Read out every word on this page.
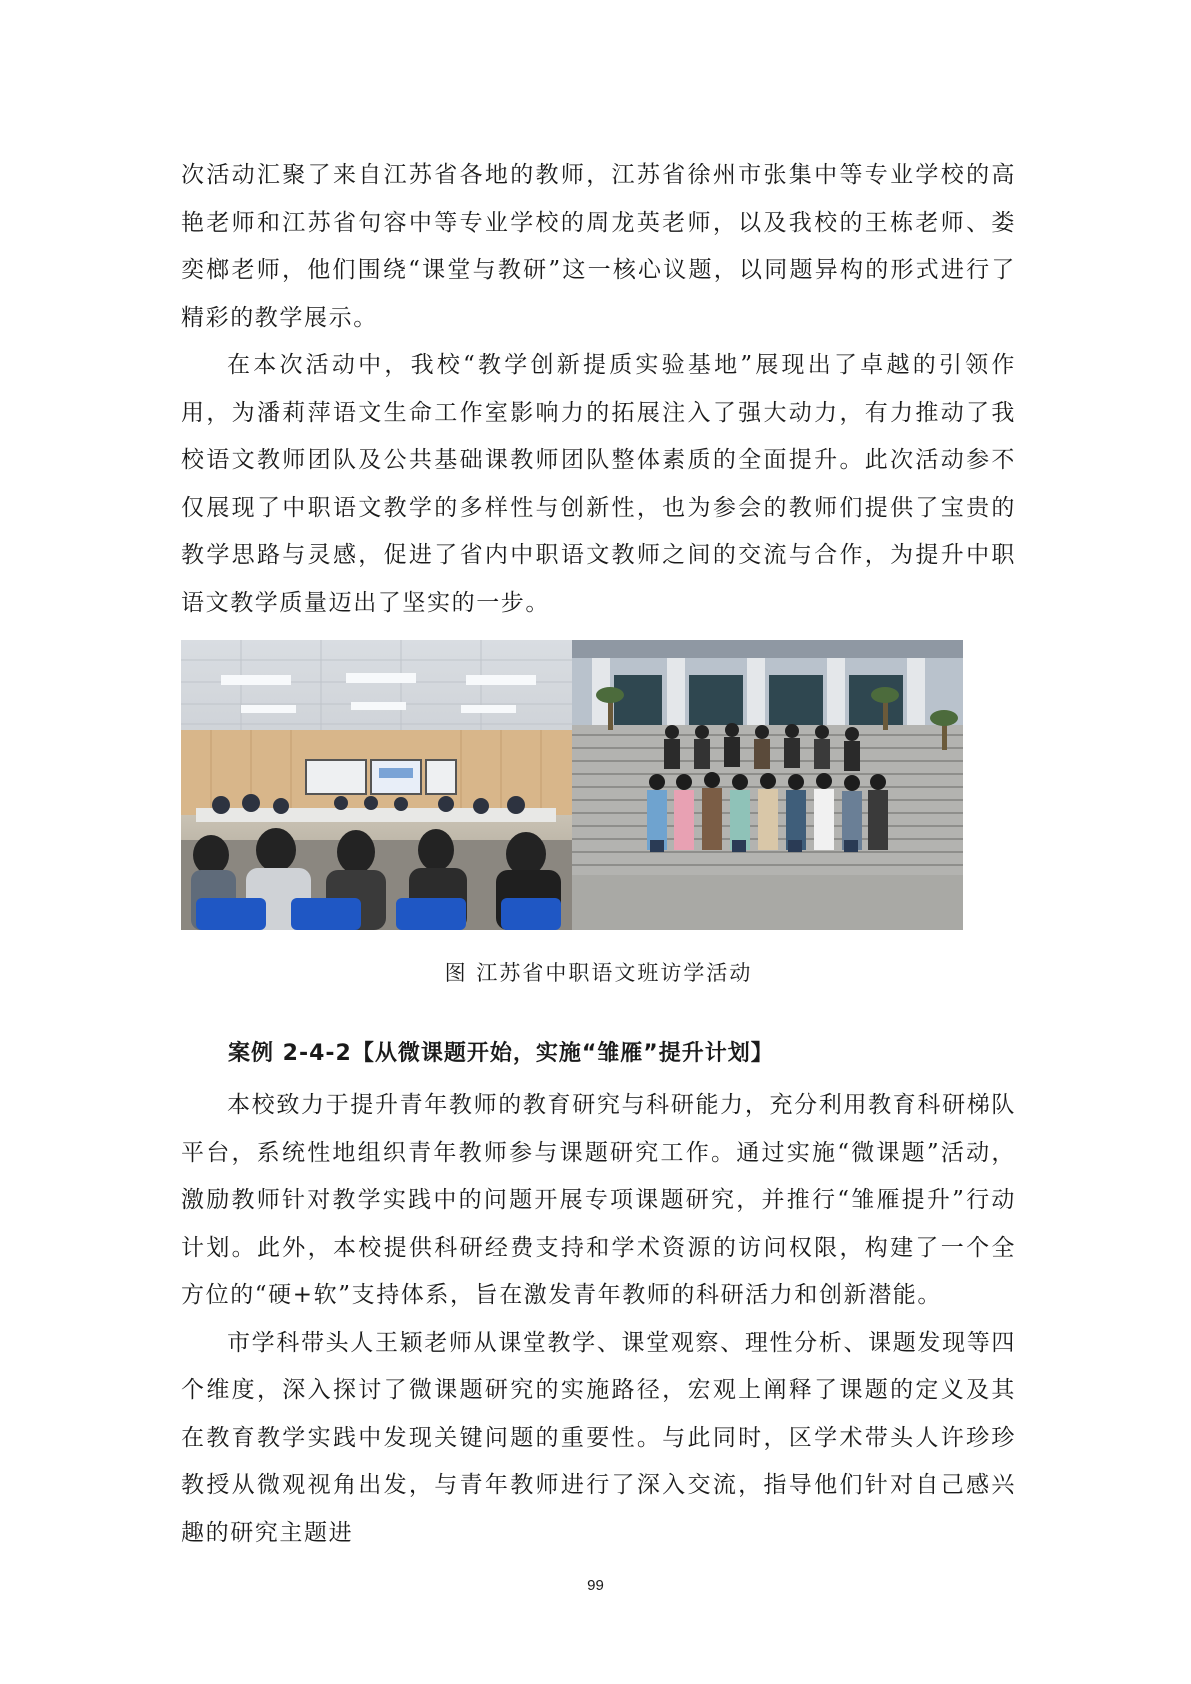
次活动汇聚了来自江苏省各地的教师，江苏省徐州市张集中等专业学校的高艳老师和江苏省句容中等专业学校的周龙英老师，以及我校的王栋老师、娄奕榔老师，他们围绕“课堂与教研”这一核心议题，以同题异构的形式进行了精彩的教学展示。

在本次活动中，我校“教学创新提质实验基地”展现出了卓越的引领作用，为潘莉萍语文生命工作室影响力的拓展注入了强大动力，有力推动了我校语文教师团队及公共基础课教师团队整体素质的全面提升。此次活动参不仅展现了中职语文教学的多样性与创新性，也为参会的教师们提供了宝贵的教学思路与灵感，促进了省内中职语文教师之间的交流与合作，为提升中职语文教学质量迈出了坚实的一步。

图 江苏省中职语文班访学活动
案例 2-4-2【从微课题开始，实施“雏雁”提升计划】

本校致力于提升青年教师的教育研究与科研能力，充分利用教育科研梯队平台，系统性地组织青年教师参与课题研究工作。通过实施“微课题”活动，激励教师针对教学实践中的问题开展专项课题研究，并推行“雏雁提升”行动计划。此外，本校提供科研经费支持和学术资源的访问权限，构建了一个全方位的“硬+软”支持体系，旨在激发青年教师的科研活力和创新潜能。

市学科带头人王颖老师从课堂教学、课堂观察、理性分析、课题发现等四个维度，深入探讨了微课题研究的实施路径，宏观上阐释了课题的定义及其在教育教学实践中发现关键问题的重要性。与此同时，区学术带头人许珍珍教授从微观视角出发，与青年教师进行了深入交流，指导他们针对自己感兴趣的研究主题进

99
